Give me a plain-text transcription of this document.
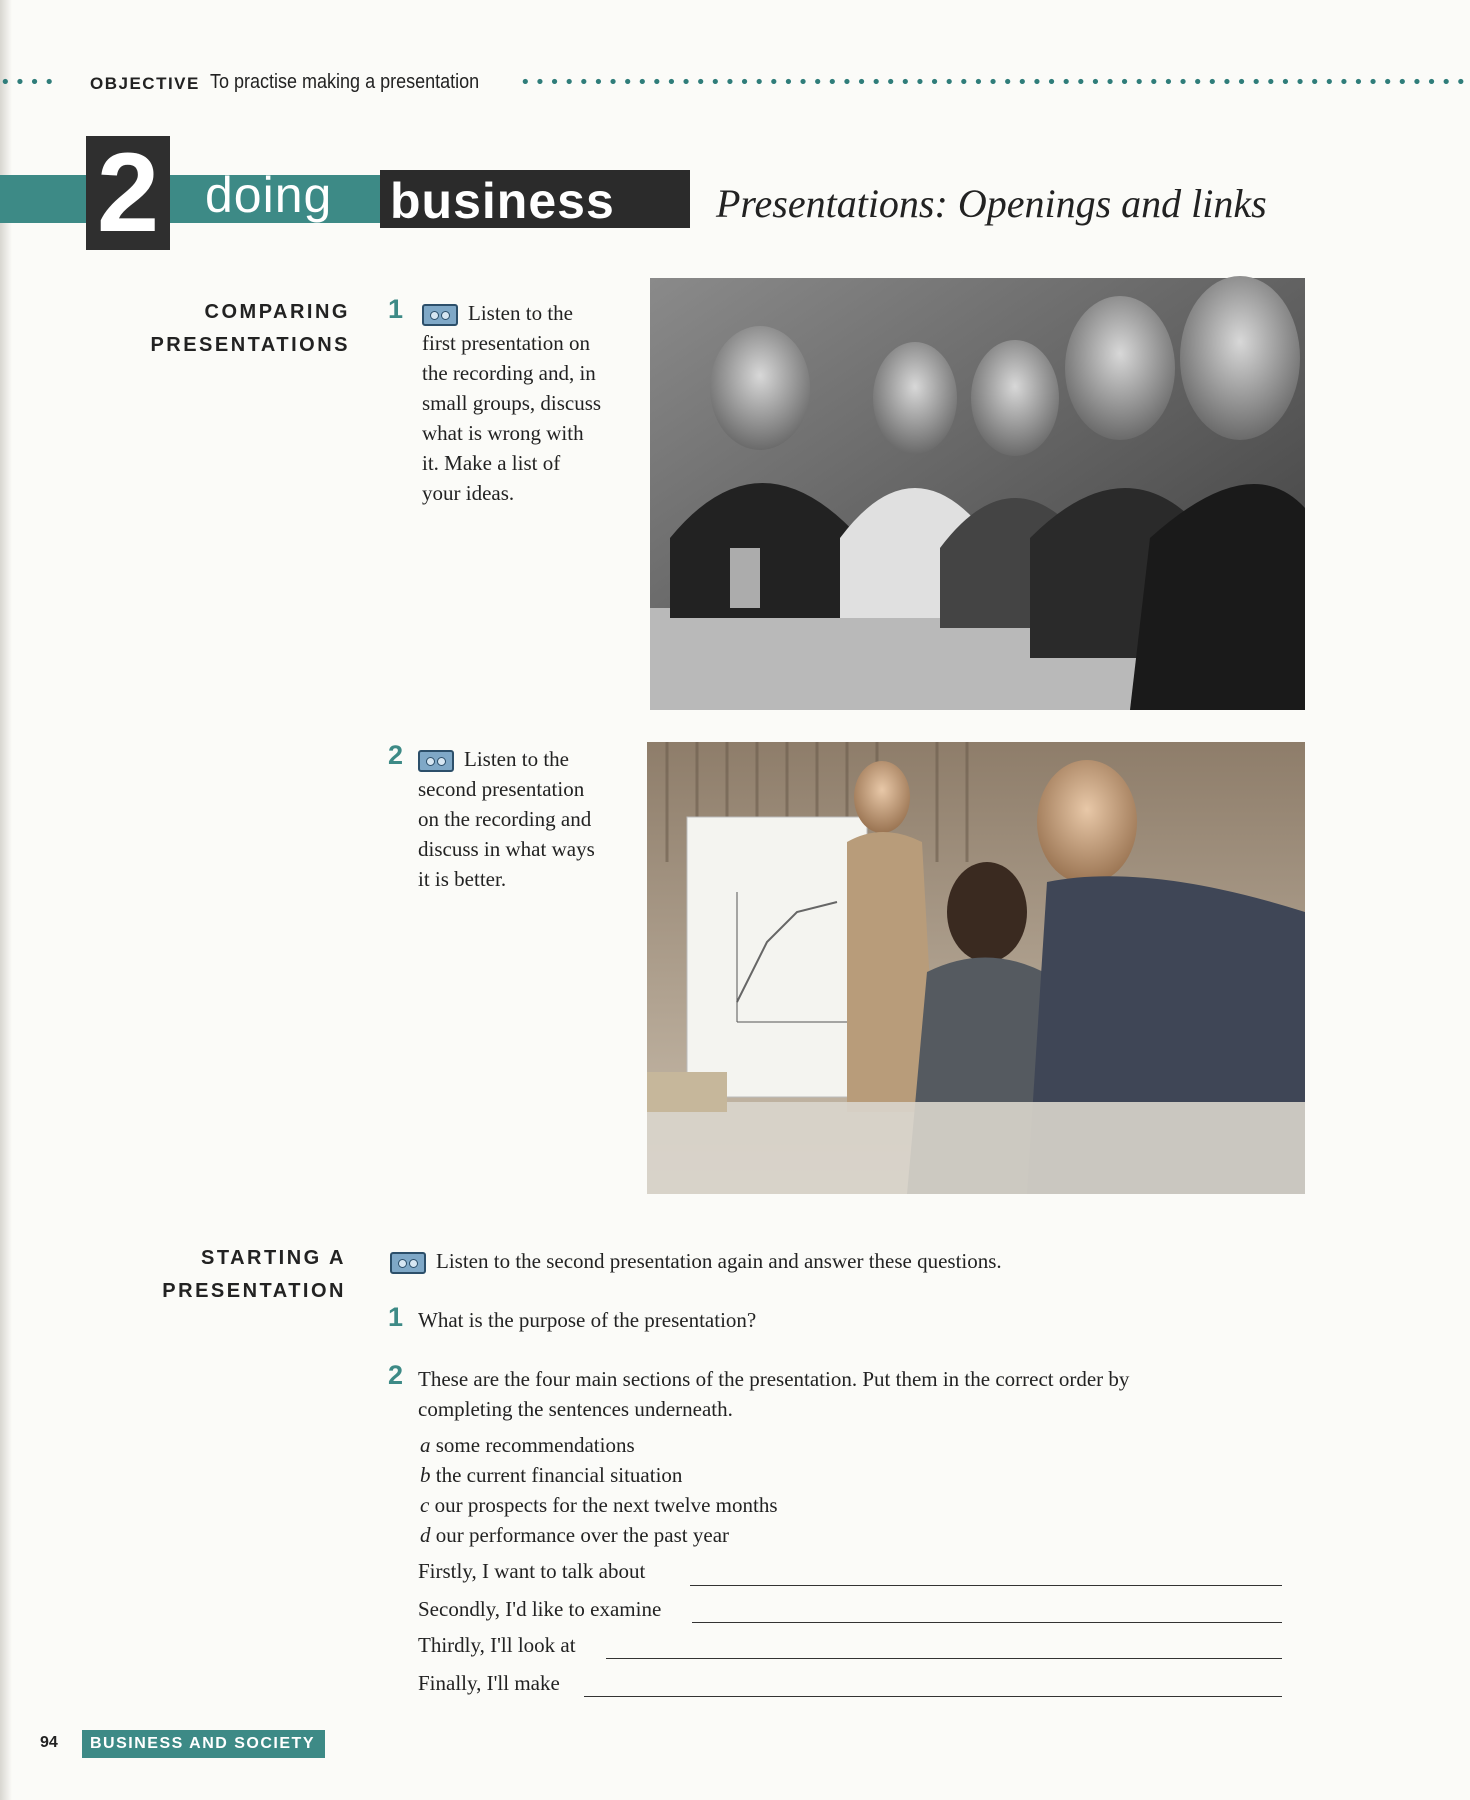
•••• OBJECTIVE To practise making a presentation •••••••••••••••••••••••••••••••••••••••••••••••••••••••••••••••••
2 doing business	Presentations: Openings and links
COMPARING
PRESENTATIONS
1	Listen to the
first presentation on
the recording and, in
small groups, discuss
what is wrong with
it. Make a list of
your ideas.
2	Listen to the
second presentation
on the recording and
discuss in what ways
it is better.
STARTING A
PRESENTATION
Listen to the second presentation again and answer these questions.
1 What is the purpose of the presentation?
2 These are the four main sections of the presentation. Put them in the correct order by
completing the sentences underneath.
a some recommendations
b the current financial situation
c our prospects for the next twelve months
d our performance over the past year
Firstly, I want to talk about
Secondly, I'd like to examine
Thirdly, I'll look at
Finally, I'll make
94	BUSINESS AND SOCIETY
